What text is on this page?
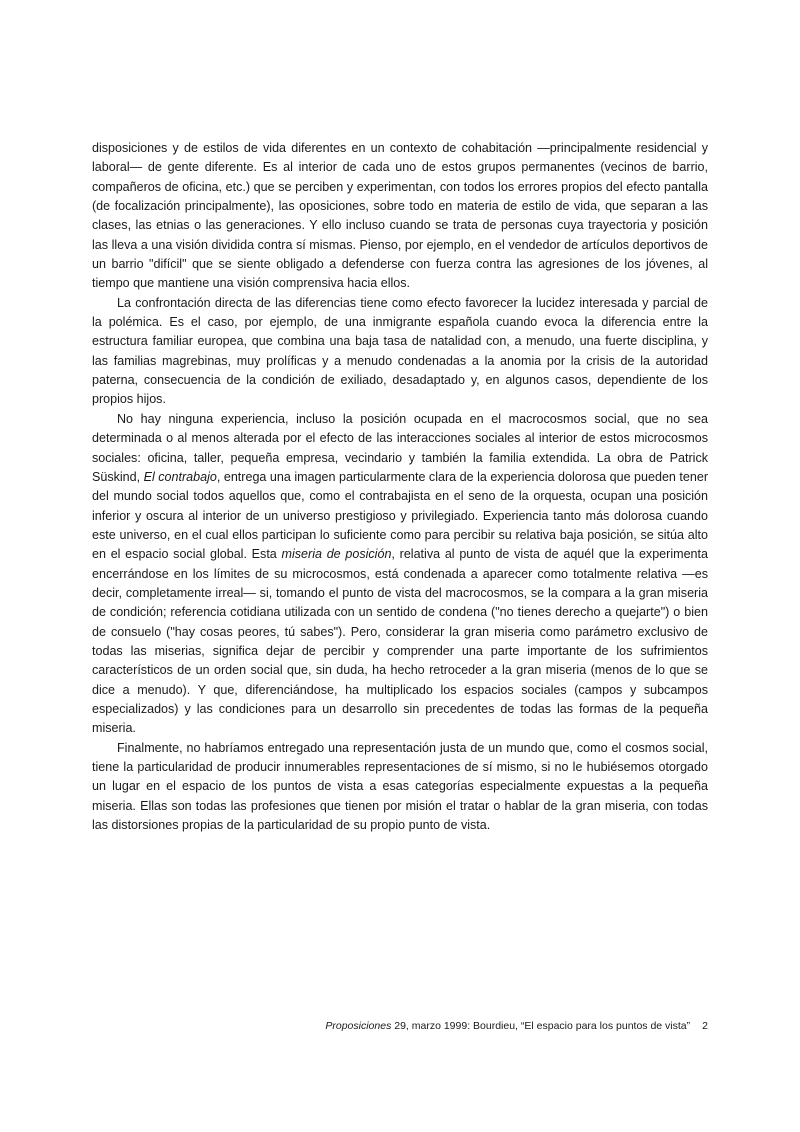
disposiciones y de estilos de vida diferentes en un contexto de cohabitación —principalmente residencial y laboral— de gente diferente. Es al interior de cada uno de estos grupos permanentes (vecinos de barrio, compañeros de oficina, etc.) que se perciben y experimentan, con todos los errores propios del efecto pantalla (de focalización principalmente), las oposiciones, sobre todo en materia de estilo de vida, que separan a las clases, las etnias o las generaciones. Y ello incluso cuando se trata de personas cuya trayectoria y posición las lleva a una visión dividida contra sí mismas. Pienso, por ejemplo, en el vendedor de artículos deportivos de un barrio "difícil" que se siente obligado a defenderse con fuerza contra las agresiones de los jóvenes, al tiempo que mantiene una visión comprensiva hacia ellos.

La confrontación directa de las diferencias tiene como efecto favorecer la lucidez interesada y parcial de la polémica. Es el caso, por ejemplo, de una inmigrante española cuando evoca la diferencia entre la estructura familiar europea, que combina una baja tasa de natalidad con, a menudo, una fuerte disciplina, y las familias magrebinas, muy prolíficas y a menudo condenadas a la anomia por la crisis de la autoridad paterna, consecuencia de la condición de exiliado, desadaptado y, en algunos casos, dependiente de los propios hijos.

No hay ninguna experiencia, incluso la posición ocupada en el macrocosmos social, que no sea determinada o al menos alterada por el efecto de las interacciones sociales al interior de estos microcosmos sociales: oficina, taller, pequeña empresa, vecindario y también la familia extendida. La obra de Patrick Süskind, El contrabajo, entrega una imagen particularmente clara de la experiencia dolorosa que pueden tener del mundo social todos aquellos que, como el contrabajista en el seno de la orquesta, ocupan una posición inferior y oscura al interior de un universo prestigioso y privilegiado. Experiencia tanto más dolorosa cuando este universo, en el cual ellos participan lo suficiente como para percibir su relativa baja posición, se sitúa alto en el espacio social global. Esta miseria de posición, relativa al punto de vista de aquél que la experimenta encerrándose en los límites de su microcosmos, está condenada a aparecer como totalmente relativa —es decir, completamente irreal— si, tomando el punto de vista del macrocosmos, se la compara a la gran miseria de condición; referencia cotidiana utilizada con un sentido de condena ("no tienes derecho a quejarte") o bien de consuelo ("hay cosas peores, tú sabes"). Pero, considerar la gran miseria como parámetro exclusivo de todas las miserias, significa dejar de percibir y comprender una parte importante de los sufrimientos característicos de un orden social que, sin duda, ha hecho retroceder a la gran miseria (menos de lo que se dice a menudo). Y que, diferenciándose, ha multiplicado los espacios sociales (campos y subcampos especializados) y las condiciones para un desarrollo sin precedentes de todas las formas de la pequeña miseria.

Finalmente, no habríamos entregado una representación justa de un mundo que, como el cosmos social, tiene la particularidad de producir innumerables representaciones de sí mismo, si no le hubiésemos otorgado un lugar en el espacio de los puntos de vista a esas categorías especialmente expuestas a la pequeña miseria. Ellas son todas las profesiones que tienen por misión el tratar o hablar de la gran miseria, con todas las distorsiones propias de la particularidad de su propio punto de vista.

Proposiciones 29, marzo 1999: Bourdieu, “El espacio para los puntos de vista” 2
